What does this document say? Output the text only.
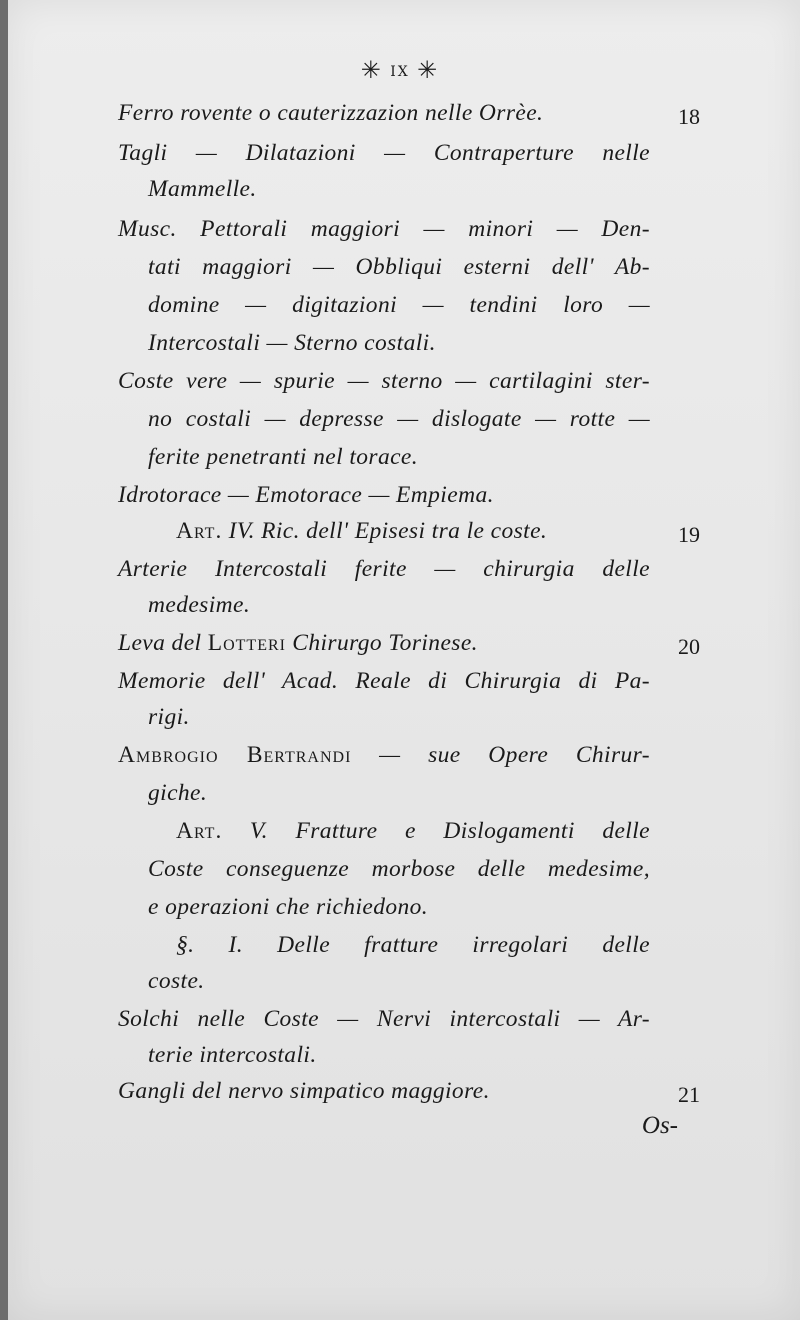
✳ IX ✳
Ferro rovente o cauterizzazion nelle Orrèe.	18
Tagli — Dilatazioni — Contraperture nelle
Mammelle.
Musc. Pettorali maggiori — minori — Den-
tati maggiori — Obbliqui esterni dell' Ab-
domine — digitazioni — tendini loro —
Intercostali — Sterno costali.
Coste vere — spurie — sterno — cartilagini ster-
no costali — depresse — dislogate — rotte —
ferite penetranti nel torace.
Idrotorace — Emotorace — Empiema.
Art. IV. Ric. dell' Episesi tra le coste.	19
Arterie Intercostali ferite — chirurgia delle
medesime.
Leva del Lotteri Chirurgo Torinese.	20
Memorie dell' Acad. Reale di Chirurgia di Pa-
rigi.
Ambrogio Bertrandi — sue Opere Chirur-
giche.
Art. V. Fratture e Dislogamenti delle
Coste conseguenze morbose delle medesime,
e operazioni che richiedono.
§. I. Delle fratture irregolari delle
coste.
Solchi nelle Coste — Nervi intercostali — Ar-
terie intercostali.
Gangli del nervo simpatico maggiore.	21
Os-
